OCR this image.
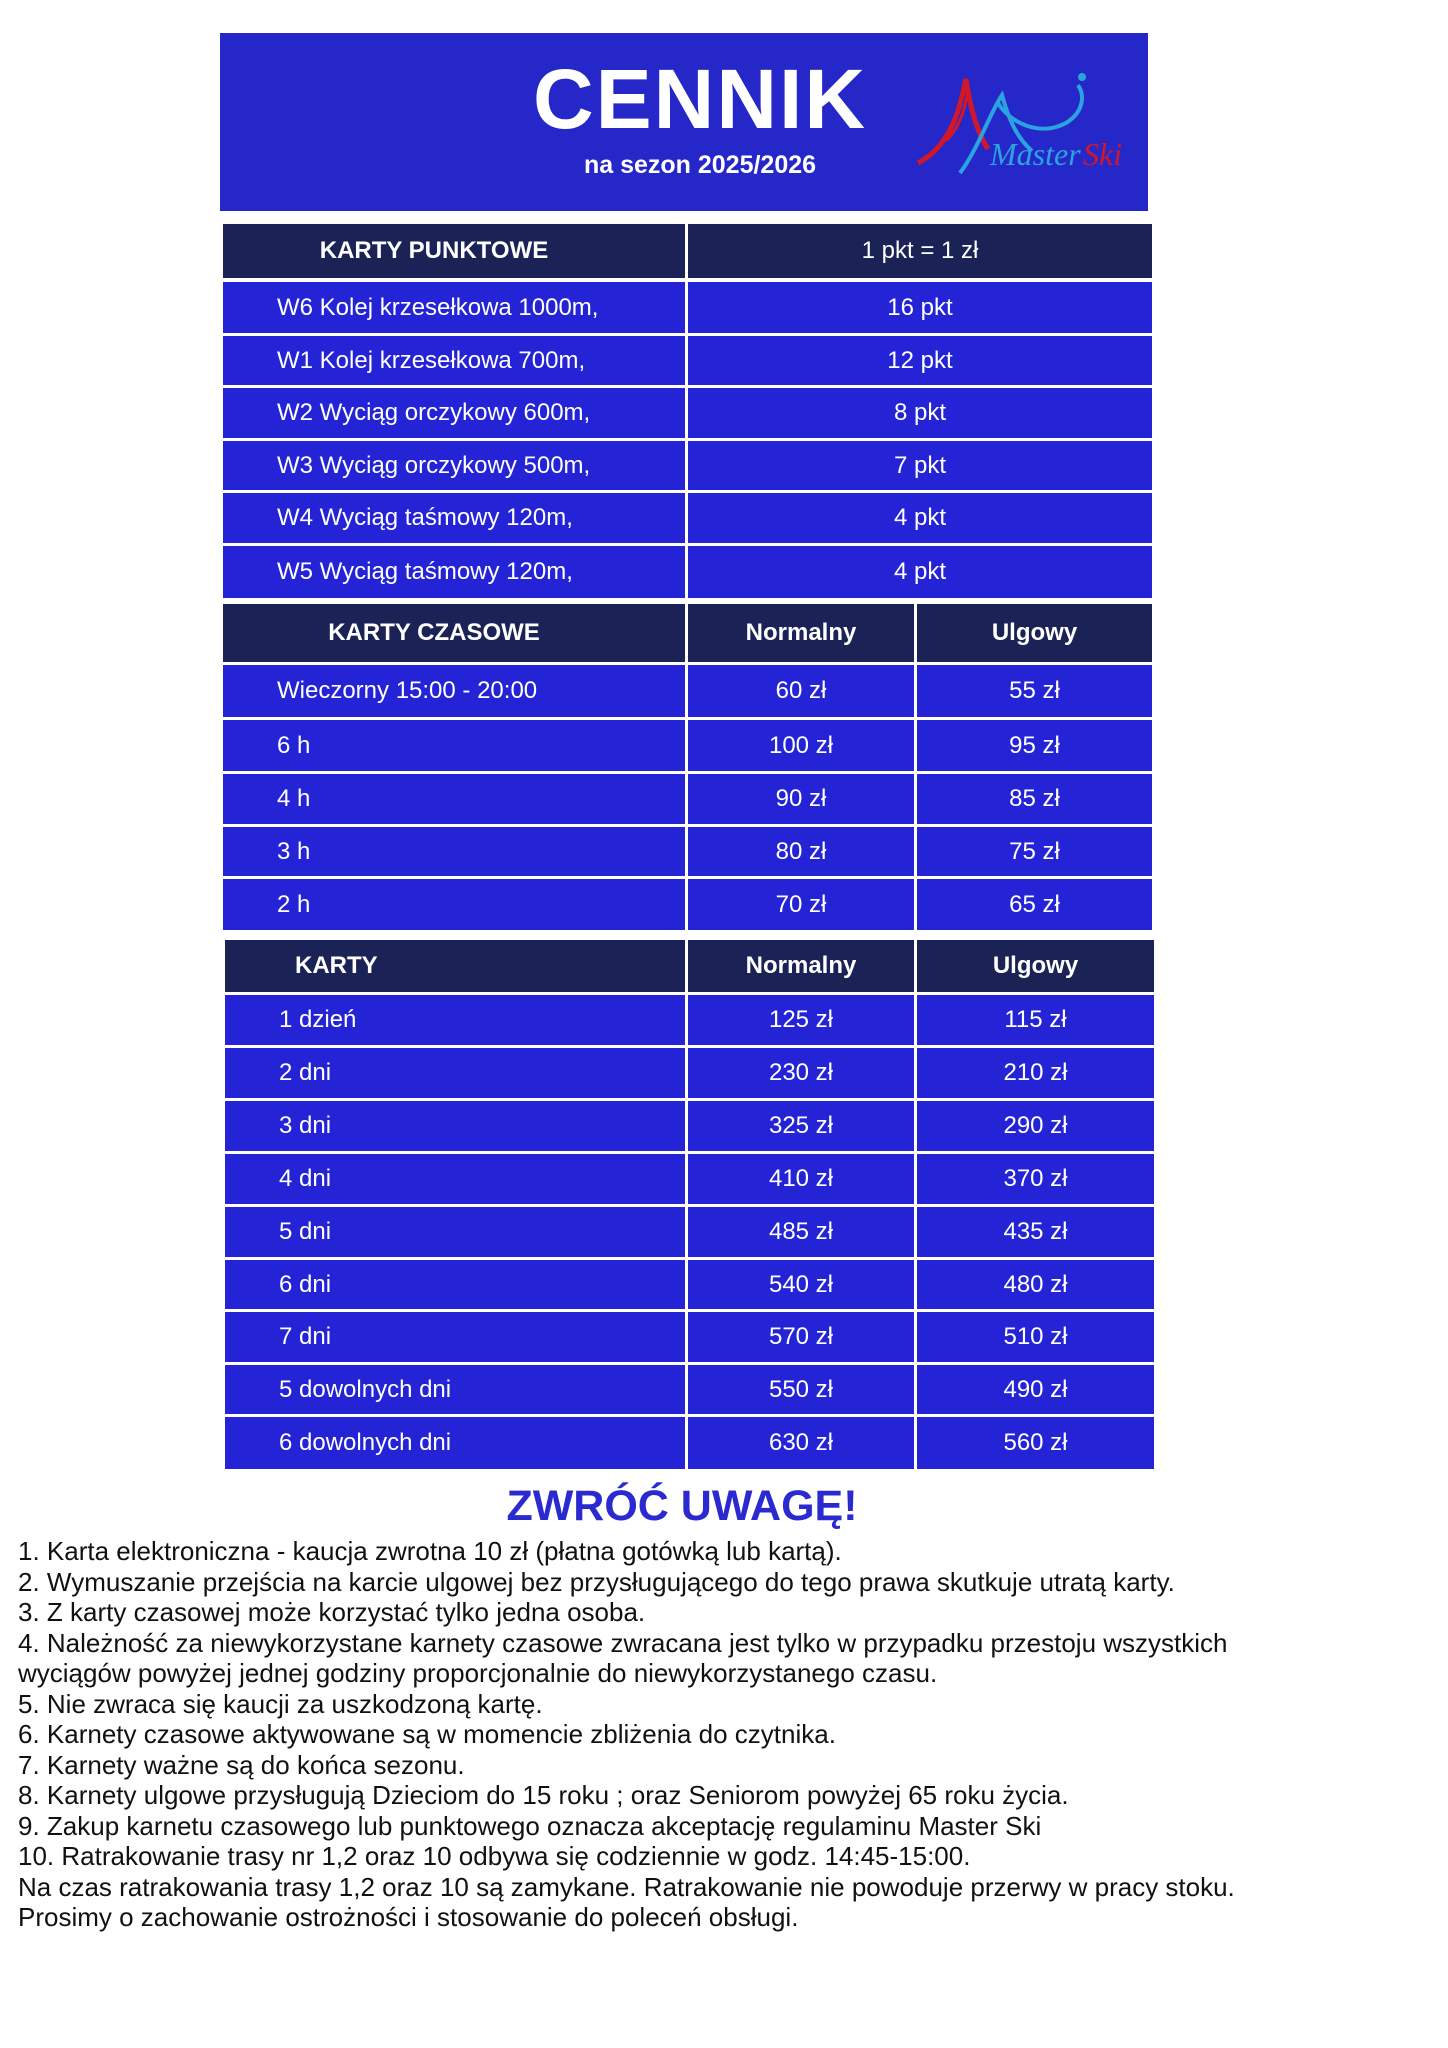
CENNIK
na sezon 2025/2026	Master Ski
KARTY PUNKTOWE	1 pkt = 1 zł
W6 Kolej krzesełkowa 1000m,	16 pkt
W1 Kolej krzesełkowa 700m,	12 pkt
W2 Wyciąg orczykowy 600m,	8 pkt
W3 Wyciąg orczykowy 500m,	7 pkt
W4 Wyciąg taśmowy 120m,	4 pkt
W5 Wyciąg taśmowy 120m,	4 pkt
KARTY CZASOWE	Normalny	Ulgowy
Wieczorny 15:00 - 20:00	60 zł	55 zł
6 h	100 zł	95 zł
4 h	90 zł	85 zł
3 h	80 zł	75 zł
2 h	70 zł	65 zł
KARTY	Normalny	Ulgowy
1 dzień	125 zł	115 zł
2 dni	230 zł	210 zł
3 dni	325 zł	290 zł
4 dni	410 zł	370 zł
5 dni	485 zł	435 zł
6 dni	540 zł	480 zł
7 dni	570 zł	510 zł
5 dowolnych dni	550 zł	490 zł
6 dowolnych dni	630 zł	560 zł
ZWRÓĆ UWAGĘ!
1. Karta elektroniczna - kaucja zwrotna 10 zł (płatna gotówką lub kartą).
2. Wymuszanie przejścia na karcie ulgowej bez przysługującego do tego prawa skutkuje utratą karty.
3. Z karty czasowej może korzystać tylko jedna osoba.
4. Należność za niewykorzystane karnety czasowe zwracana jest tylko w przypadku przestoju wszystkich
wyciągów powyżej jednej godziny proporcjonalnie do niewykorzystanego czasu.
5. Nie zwraca się kaucji za uszkodzoną kartę.
6. Karnety czasowe aktywowane są w momencie zbliżenia do czytnika.
7. Karnety ważne są do końca sezonu.
8. Karnety ulgowe przysługują Dzieciom do 15 roku ; oraz Seniorom powyżej 65 roku życia.
9. Zakup karnetu czasowego lub punktowego oznacza akceptację regulaminu Master Ski
10. Ratrakowanie trasy nr 1,2 oraz 10 odbywa się codziennie w godz. 14:45-15:00.
Na czas ratrakowania trasy 1,2 oraz 10 są zamykane. Ratrakowanie nie powoduje przerwy w pracy stoku.
Prosimy o zachowanie ostrożności i stosowanie do poleceń obsługi.
